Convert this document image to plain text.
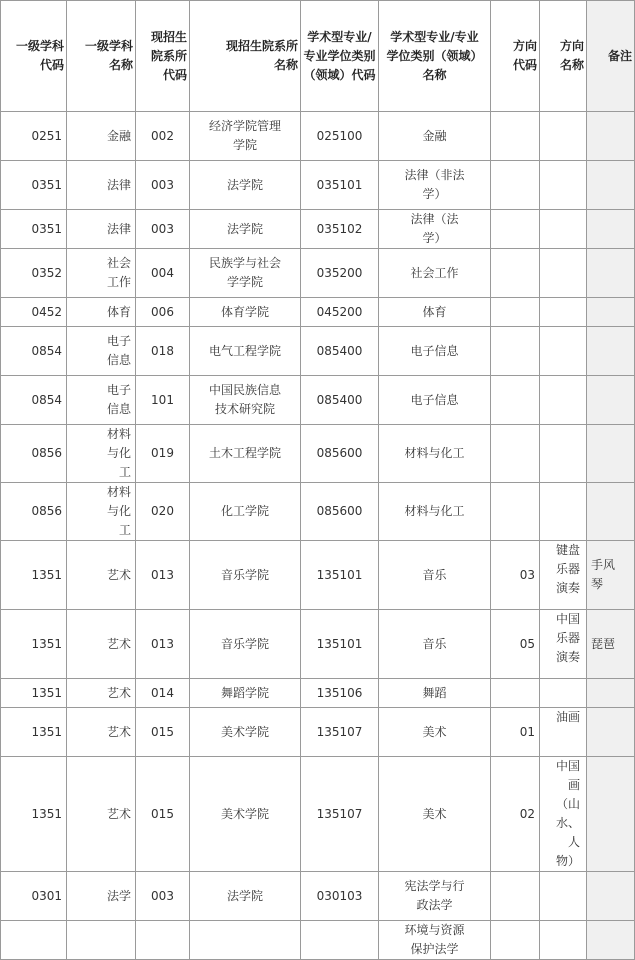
一级学科代码	一级学科名称	现招生院系所代码	现招生院系所名称	学术型专业/专业学位类别（领域）代码	学术型专业/专业学位类别（领域）名称	方向代码	方向名称	备注
0251	金融	002	经济学院管理学院	025100	金融			
0351	法律	003	法学院	035101	法律（非法学）			
0351	法律	003	法学院	035102	法律（法学）			
0352	社会工作	004	民族学与社会学学院	035200	社会工作			
0452	体育	006	体育学院	045200	体育			
0854	电子信息	018	电气工程学院	085400	电子信息			
0854	电子信息	101	中国民族信息技术研究院	085400	电子信息			
0856	材料与化工	019	土木工程学院	085600	材料与化工			
0856	材料与化工	020	化工学院	085600	材料与化工			
1351	艺术	013	音乐学院	135101	音乐	03	键盘乐器演奏	手风琴
1351	艺术	013	音乐学院	135101	音乐	05	中国乐器演奏	琵琶
1351	艺术	014	舞蹈学院	135106	舞蹈			
1351	艺术	015	美术学院	135107	美术	01	油画	
1351	艺术	015	美术学院	135107	美术	02	中国画（山水、人物）	
0301	法学	003	法学院	030103	宪法学与行政法学			
					环境与资源保护法学			
